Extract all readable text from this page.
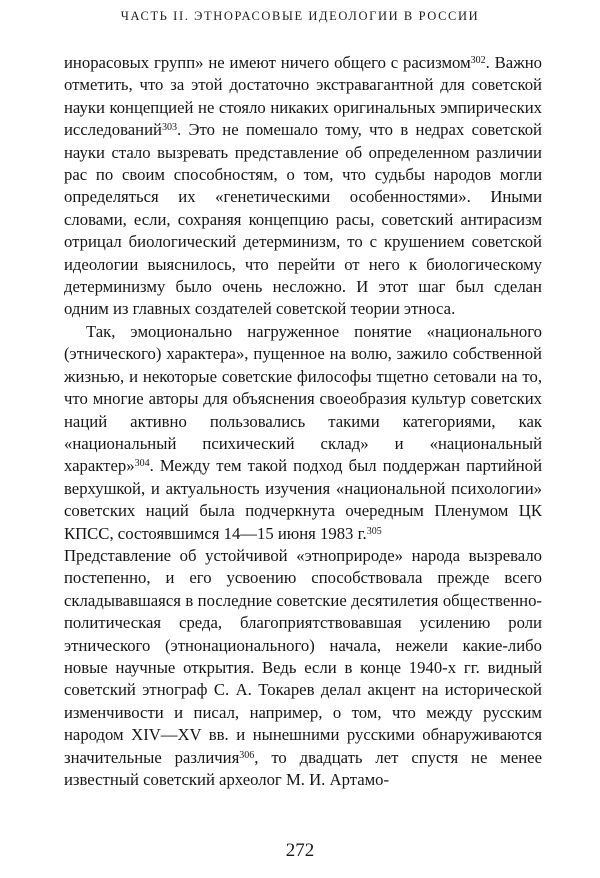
ЧАСТЬ II. ЭТНОРАСОВЫЕ ИДЕОЛОГИИ В РОССИИ

инорасовых групп» не имеют ничего общего с расизмом$^{302}$. Важно отметить, что за этой достаточно экстравагантной для советской науки концепцией не стояло никаких оригинальных эмпирических исследований$^{303}$. Это не помешало тому, что в недрах советской науки стало вызревать представление об определенном различии рас по своим способностям, о том, что судьбы народов могли определяться их «генетическими особенностями». Иными словами, если, сохраняя концепцию расы, советский антирасизм отрицал биологический детерминизм, то с крушением советской идеологии выяснилось, что перейти от него к биологическому детерминизму было очень несложно. И этот шаг был сделан одним из главных создателей советской теории этноса.

Так, эмоционально нагруженное понятие «национального (этнического) характера», пущенное на волю, зажило собственной жизнью, и некоторые советские философы тщетно сетовали на то, что многие авторы для объяснения своеобразия культур советских наций активно пользовались такими категориями, как «национальный психический склад» и «национальный характер»$^{304}$. Между тем такой подход был поддержан партийной верхушкой, и актуальность изучения «национальной психологии» советских наций была подчеркнута очередным Пленумом ЦК КПСС, состоявшимся 14—15 июня 1983 г.$^{305}$

Представление об устойчивой «этноприроде» народа вызревало постепенно, и его усвоению способствовала прежде всего складывавшаяся в последние советские десятилетия общественно-политическая среда, благоприятствовавшая усилению роли этнического (этнонационального) начала, нежели какие-либо новые научные открытия. Ведь если в конце 1940-х гг. видный советский этнограф С. А. Токарев делал акцент на исторической изменчивости и писал, например, о том, что между русским народом XIV—XV вв. и нынешними русскими обнаруживаются значительные различия$^{306}$, то двадцать лет спустя не менее известный советский археолог М. И. Артамо-

272
